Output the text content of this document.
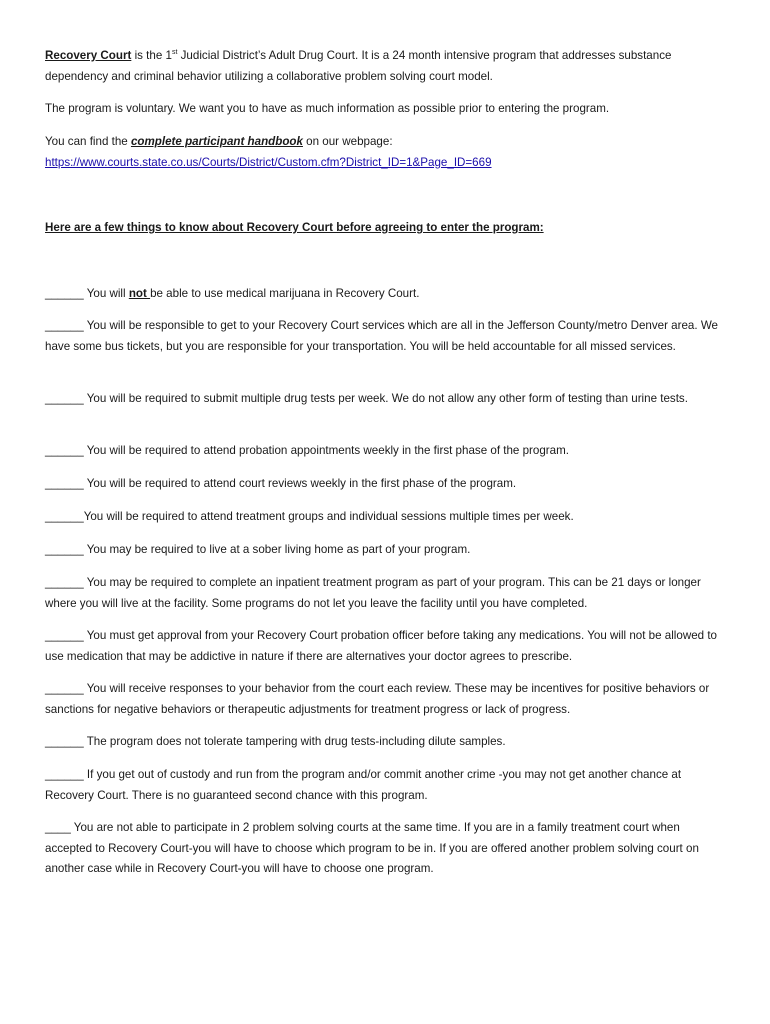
Recovery Court is the 1st Judicial District’s Adult Drug Court. It is a 24 month intensive program that addresses substance dependency and criminal behavior utilizing a collaborative problem solving court model.

The program is voluntary. We want you to have as much information as possible prior to entering the program.

You can find the complete participant handbook on our webpage:
https://www.courts.state.co.us/Courts/District/Custom.cfm?District_ID=1&Page_ID=669

Here are a few things to know about Recovery Court before agreeing to enter the program:

______ You will not be able to use medical marijuana in Recovery Court.

______ You will be responsible to get to your Recovery Court services which are all in the Jefferson County/metro Denver area. We have some bus tickets, but you are responsible for your transportation. You will be held accountable for all missed services.

______ You will be required to submit multiple drug tests per week. We do not allow any other form of testing than urine tests.

______ You will be required to attend probation appointments weekly in the first phase of the program.

______ You will be required to attend court reviews weekly in the first phase of the program.

______You will be required to attend treatment groups and individual sessions multiple times per week.

______ You may be required to live at a sober living home as part of your program.

______ You may be required to complete an inpatient treatment program as part of your program. This can be 21 days or longer where you will live at the facility. Some programs do not let you leave the facility until you have completed.

______ You must get approval from your Recovery Court probation officer before taking any medications. You will not be allowed to use medication that may be addictive in nature if there are alternatives your doctor agrees to prescribe.

______ You will receive responses to your behavior from the court each review. These may be incentives for positive behaviors or sanctions for negative behaviors or therapeutic adjustments for treatment progress or lack of progress.

______ The program does not tolerate tampering with drug tests-including dilute samples.

______ If you get out of custody and run from the program and/or commit another crime -you may not get another chance at Recovery Court. There is no guaranteed second chance with this program.

____ You are not able to participate in 2 problem solving courts at the same time. If you are in a family treatment court when accepted to Recovery Court-you will have to choose which program to be in. If you are offered another problem solving court on another case while in Recovery Court-you will have to choose one program.
